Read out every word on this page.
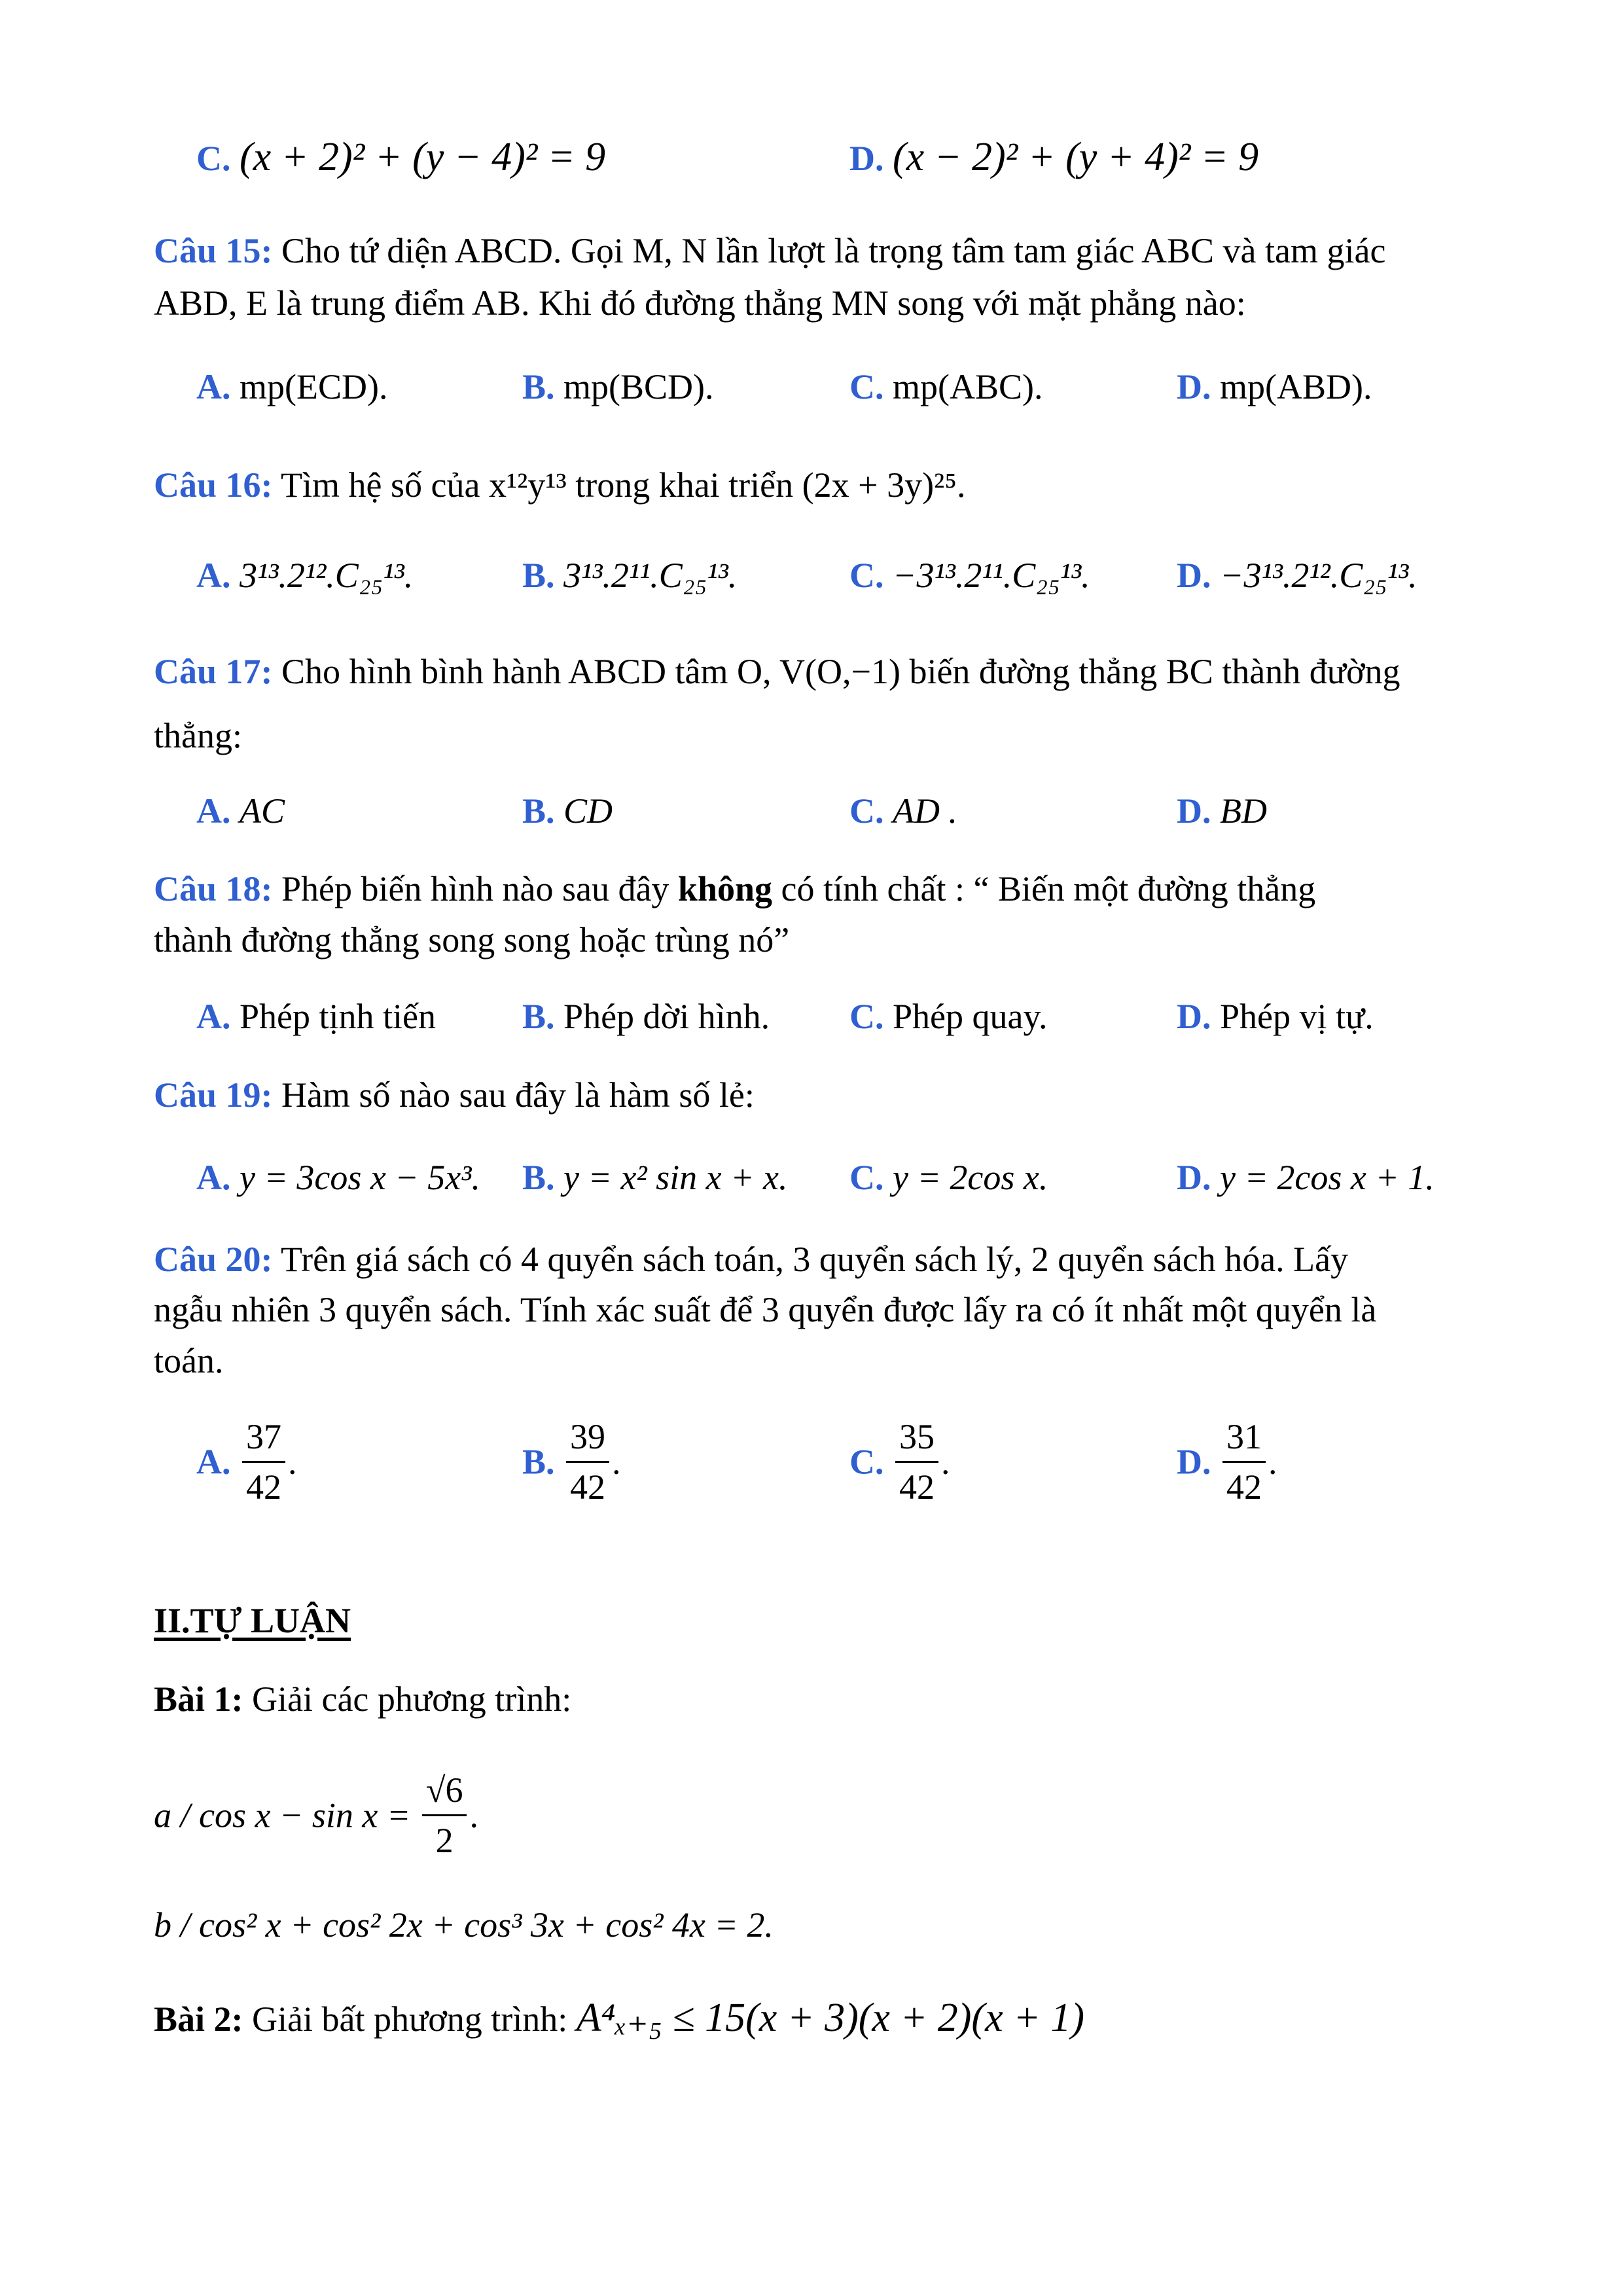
C. (x + 2)² + (y − 4)² = 9	D. (x − 2)² + (y + 4)² = 9
Câu 15: Cho tứ diện ABCD. Gọi M, N lần lượt là trọng tâm tam giác ABC và tam giác
ABD, E là trung điểm AB. Khi đó đường thẳng MN song với mặt phẳng nào:
A. mp(ECD).	B. mp(BCD).	C. mp(ABC).	D. mp(ABD).
Câu 16: Tìm hệ số của x¹²y¹³ trong khai triển (2x + 3y)²⁵.
A. 3¹³.2¹².C₂₅¹³.	B. 3¹³.2¹¹.C₂₅¹³.	C. −3¹³.2¹¹.C₂₅¹³. D. −3¹³.2¹².C₂₅¹³.
Câu 17: Cho hình bình hành ABCD tâm O, V(O,−1) biến đường thẳng BC thành đường
thẳng:
A. AC	B. CD	C. AD .	D. BD
Câu 18: Phép biến hình nào sau đây không có tính chất : “ Biến một đường thẳng
thành đường thẳng song song hoặc trùng nó”
A. Phép tịnh tiến B. Phép dời hình. C. Phép quay.	D. Phép vị tự.
Câu 19: Hàm số nào sau đây là hàm số lẻ:
A. y = 3cos x − 5x³. B. y = x² sin x + x. C. y = 2cos x.	D. y = 2cos x + 1.
Câu 20: Trên giá sách có 4 quyển sách toán, 3 quyển sách lý, 2 quyển sách hóa. Lấy
ngẫu nhiên 3 quyển sách. Tính xác suất để 3 quyển được lấy ra có ít nhất một quyển là
toán.
A. $\frac{37}{42}$ .	B. $\frac{39}{42}$ .	C. $\frac{35}{42}$ .	D. $\frac{31}{42}$ .
II.TỰ LUẬN
Bài 1: Giải các phương trình:
$a / \cos x - \sin x = \frac{√6}{2}$ .
b / cos² x + cos² 2x + cos³ 3x + cos² 4x = 2.
Bài 2: Giải bất phương trình: A⁴ₓ₊₅ ≤ 15(x + 3)(x + 2)(x + 1)
